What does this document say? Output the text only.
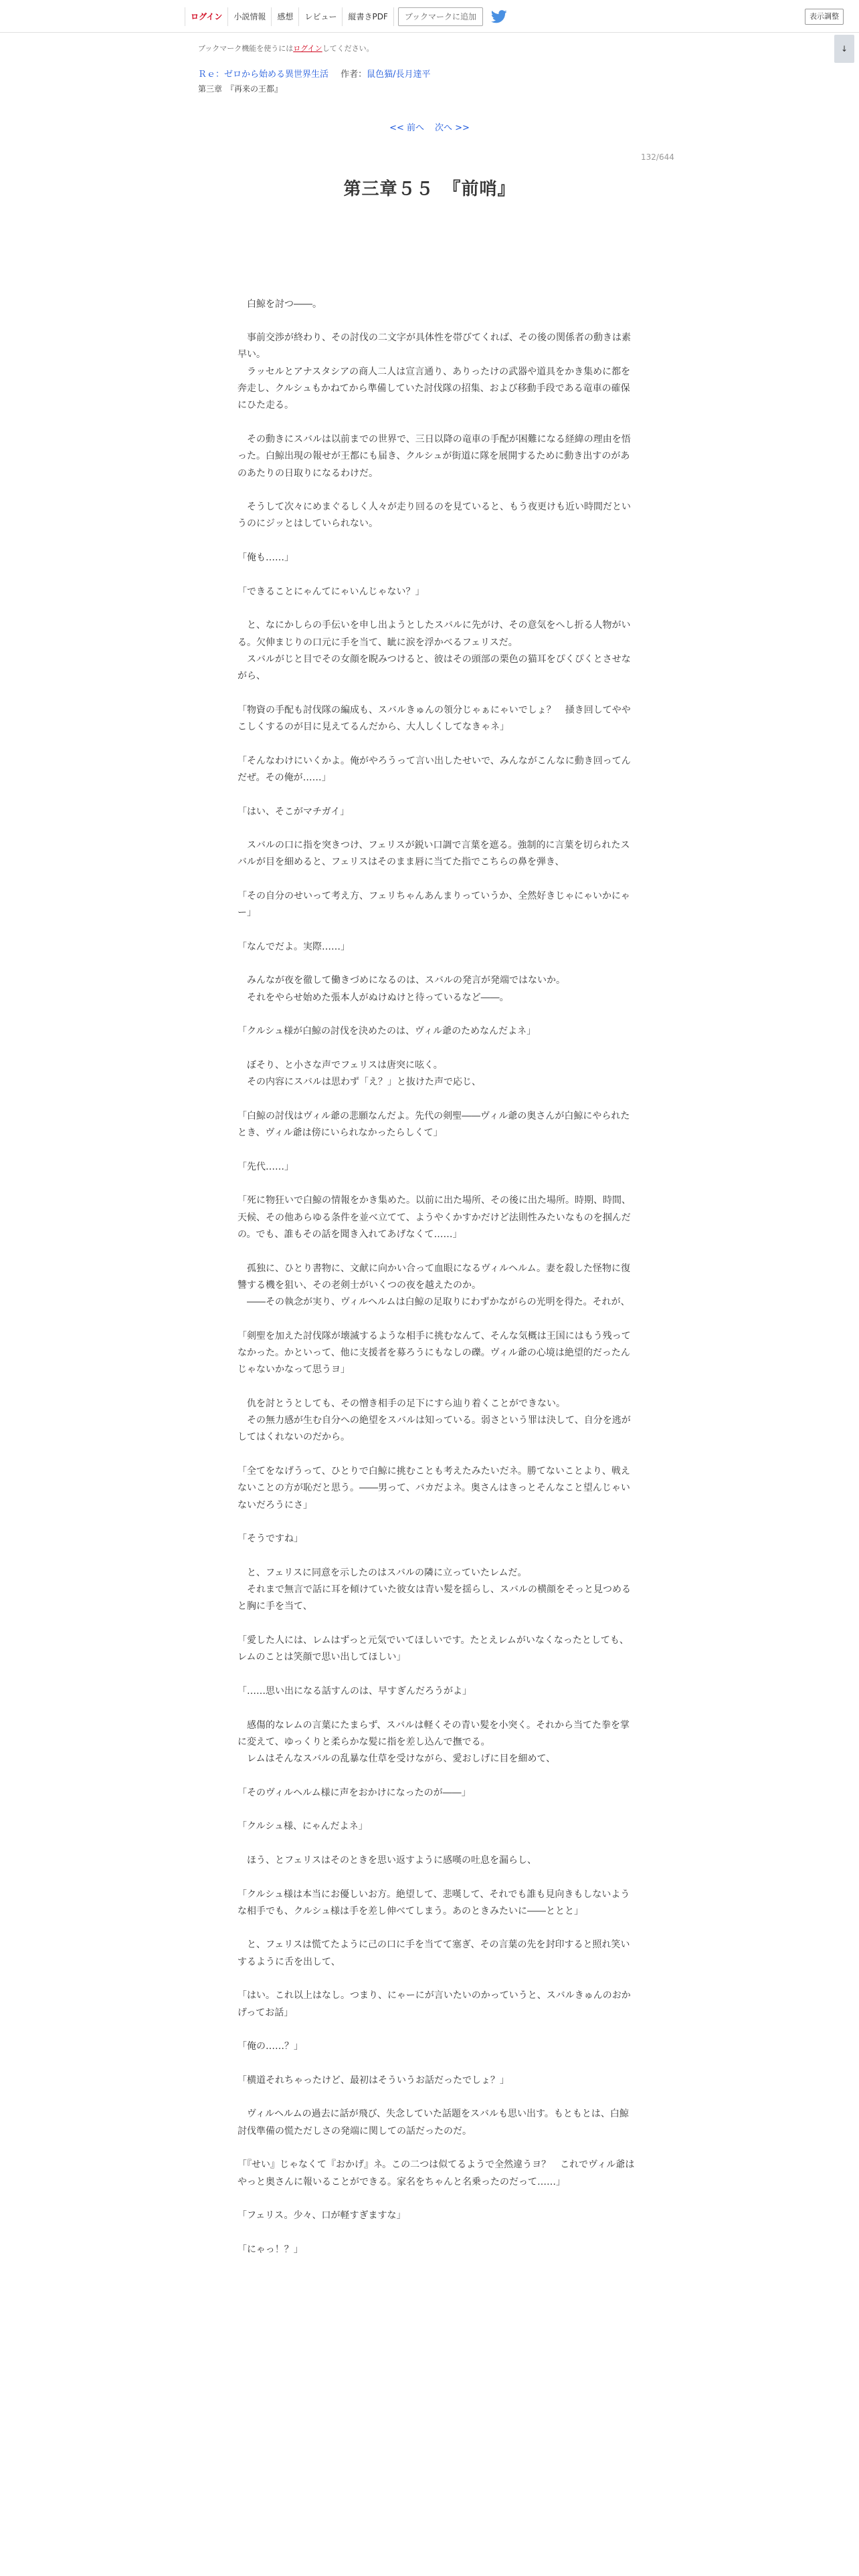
ログイン	小説情報	感想	レビュー	縦書きPDF	ブックマークに追加	表示調整
↓
ブックマーク機能を使うにはログインしてください。
Ｒｅ：ゼロから始める異世界生活 作者：鼠色猫/長月達平
第三章　『再来の王都』
<< 前へ 次へ >>
132/644
第三章５５　『前哨』

　白鯨を討つ――。

　事前交渉が終わり、その討伐の二文字が具体性を帯びてくれば、その後の関係者の動きは素早い。

　ラッセルとアナスタシアの商人二人は宣言通り、ありったけの武器や道具をかき集めに都を奔走し、クルシュもかねてから準備していた討伐隊の招集、および移動手段である竜車の確保にひた走る。

　その動きにスバルは以前までの世界で、三日以降の竜車の手配が困難になる経緯の理由を悟った。白鯨出現の報せが王都にも届き、クルシュが街道に隊を展開するために動き出すのがあのあたりの日取りになるわけだ。

　そうして次々にめまぐるしく人々が走り回るのを見ていると、もう夜更けも近い時間だというのにジッとはしていられない。

「俺も……」

「できることにゃんてにゃいんじゃない？」

　と、なにかしらの手伝いを申し出ようとしたスバルに先がけ、その意気をへし折る人物がいる。欠伸まじりの口元に手を当て、眦に涙を浮かべるフェリスだ。

　スバルがじと目でその女顔を睨みつけると、彼はその頭部の栗色の猫耳をぴくぴくとさせながら、

「物資の手配も討伐隊の編成も、スバルきゅんの領分じゃぁにゃいでしょ？　掻き回してややこしくするのが目に見えてるんだから、大人しくしてなきゃネ」

「そんなわけにいくかよ。俺がやろうって言い出したせいで、みんながこんなに動き回ってんだぜ。その俺が……」

「はい、そこがマチガイ」

　スバルの口に指を突きつけ、フェリスが鋭い口調で言葉を遮る。強制的に言葉を切られたスバルが目を細めると、フェリスはそのまま唇に当てた指でこちらの鼻を弾き、

「その自分のせいって考え方、フェリちゃんあんまりっていうか、全然好きじゃにゃいかにゃー」

「なんでだよ。実際……」

　みんなが夜を徹して働きづめになるのは、スバルの発言が発端ではないか。

　それをやらせ始めた張本人がぬけぬけと待っているなど――。

「クルシュ様が白鯨の討伐を決めたのは、ヴィル爺のためなんだよネ」

　ぼそり、と小さな声でフェリスは唐突に呟く。

　その内容にスバルは思わず「え？」と抜けた声で応じ、

「白鯨の討伐はヴィル爺の悲願なんだよ。先代の剣聖――ヴィル爺の奥さんが白鯨にやられたとき、ヴィル爺は傍にいられなかったらしくて」

「先代……」

「死に物狂いで白鯨の情報をかき集めた。以前に出た場所、その後に出た場所。時期、時間、天候、その他あらゆる条件を並べ立てて、ようやくかすかだけど法則性みたいなものを掴んだの。でも、誰もその話を聞き入れてあげなくて……」

　孤独に、ひとり書物に、文献に向かい合って血眼になるヴィルヘルム。妻を殺した怪物に復讐する機を狙い、その老剣士がいくつの夜を越えたのか。

　――その執念が実り、ヴィルヘルムは白鯨の足取りにわずかながらの光明を得た。それが、

「剣聖を加えた討伐隊が壊滅するような相手に挑むなんて、そんな気概は王国にはもう残ってなかった。かといって、他に支援者を募ろうにもなしの礫。ヴィル爺の心境は絶望的だったんじゃないかなって思うヨ」

　仇を討とうとしても、その憎き相手の足下にすら辿り着くことができない。

　その無力感が生む自分への絶望をスバルは知っている。弱さという罪は決して、自分を逃がしてはくれないのだから。

「全てをなげうって、ひとりで白鯨に挑むことも考えたみたいだネ。勝てないことより、戦えないことの方が恥だと思う。――男って、バカだよネ。奥さんはきっとそんなこと望んじゃいないだろうにさ」

「そうですね」

　と、フェリスに同意を示したのはスバルの隣に立っていたレムだ。

　それまで無言で話に耳を傾けていた彼女は青い髪を揺らし、スバルの横顔をそっと見つめると胸に手を当て、

「愛した人には、レムはずっと元気でいてほしいです。たとえレムがいなくなったとしても、レムのことは笑顔で思い出してほしい」

「……思い出になる話すんのは、早すぎんだろうがよ」

　感傷的なレムの言葉にたまらず、スバルは軽くその青い髪を小突く。それから当てた拳を掌に変えて、ゆっくりと柔らかな髪に指を差し込んで撫でる。

　レムはそんなスバルの乱暴な仕草を受けながら、愛おしげに目を細めて、

「そのヴィルヘルム様に声をおかけになったのが――」

「クルシュ様、にゃんだよネ」

　ほう、とフェリスはそのときを思い返すように感嘆の吐息を漏らし、

「クルシュ様は本当にお優しいお方。絶望して、悲嘆して、それでも誰も見向きもしないような相手でも、クルシュ様は手を差し伸べてしまう。あのときみたいに――ととと」

　と、フェリスは慌てたように己の口に手を当てて塞ぎ、その言葉の先を封印すると照れ笑いするように舌を出して、

「はい。これ以上はなし。つまり、にゃーにが言いたいのかっていうと、スバルきゅんのおかげってお話」

「俺の……？」

「横道それちゃったけど、最初はそういうお話だったでしょ？」

　ヴィルヘルムの過去に話が飛び、失念していた話題をスバルも思い出す。もともとは、白鯨討伐準備の慌ただしさの発端に関しての話だったのだ。

「『せい』じゃなくて『おかげ』ネ。この二つは似てるようで全然違うヨ？　これでヴィル爺はやっと奥さんに報いることができる。家名をちゃんと名乗ったのだって……」

「フェリス。少々、口が軽すぎますな」

「にゃっ！？」
